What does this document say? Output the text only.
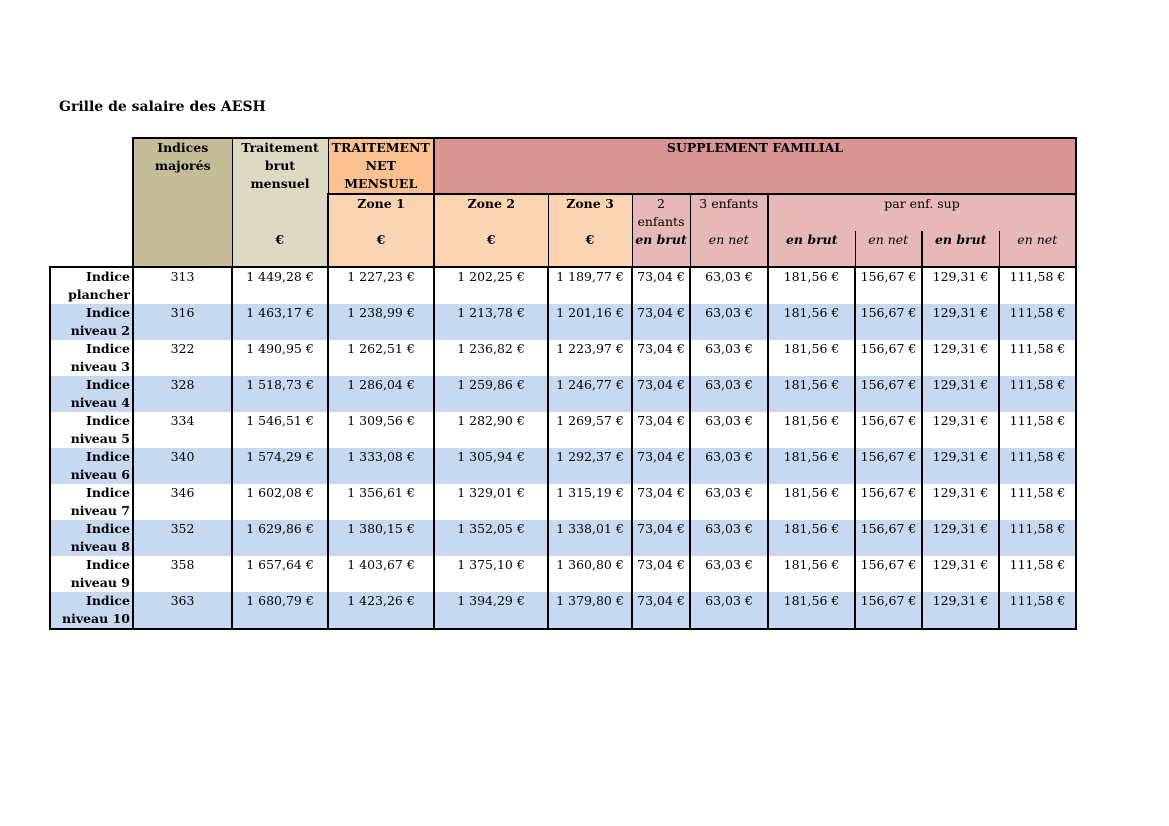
Grille de salaire des AESH
	Indices majorés	Traitement brut mensuel	TRAITEMENT NET MENSUEL	SUPPLEMENT FAMILIAL							
			Zone 1	Zone 2	Zone 3	2 enfants	3 enfants	par enf. sup			
		€	€	€	€	en brut	en net	en brut	en net	en brut	en net
Indice plancher	313	1 449,28 €	1 227,23 €	1 202,25 €	1 189,77 €	73,04 €	63,03 €	181,56 €	156,67 €	129,31 €	111,58 €
Indice niveau 2	316	1 463,17 €	1 238,99 €	1 213,78 €	1 201,16 €	73,04 €	63,03 €	181,56 €	156,67 €	129,31 €	111,58 €
Indice niveau 3	322	1 490,95 €	1 262,51 €	1 236,82 €	1 223,97 €	73,04 €	63,03 €	181,56 €	156,67 €	129,31 €	111,58 €
Indice niveau 4	328	1 518,73 €	1 286,04 €	1 259,86 €	1 246,77 €	73,04 €	63,03 €	181,56 €	156,67 €	129,31 €	111,58 €
Indice niveau 5	334	1 546,51 €	1 309,56 €	1 282,90 €	1 269,57 €	73,04 €	63,03 €	181,56 €	156,67 €	129,31 €	111,58 €
Indice niveau 6	340	1 574,29 €	1 333,08 €	1 305,94 €	1 292,37 €	73,04 €	63,03 €	181,56 €	156,67 €	129,31 €	111,58 €
Indice niveau 7	346	1 602,08 €	1 356,61 €	1 329,01 €	1 315,19 €	73,04 €	63,03 €	181,56 €	156,67 €	129,31 €	111,58 €
Indice niveau 8	352	1 629,86 €	1 380,15 €	1 352,05 €	1 338,01 €	73,04 €	63,03 €	181,56 €	156,67 €	129,31 €	111,58 €
Indice niveau 9	358	1 657,64 €	1 403,67 €	1 375,10 €	1 360,80 €	73,04 €	63,03 €	181,56 €	156,67 €	129,31 €	111,58 €
Indice niveau 10	363	1 680,79 €	1 423,26 €	1 394,29 €	1 379,80 €	73,04 €	63,03 €	181,56 €	156,67 €	129,31 €	111,58 €
